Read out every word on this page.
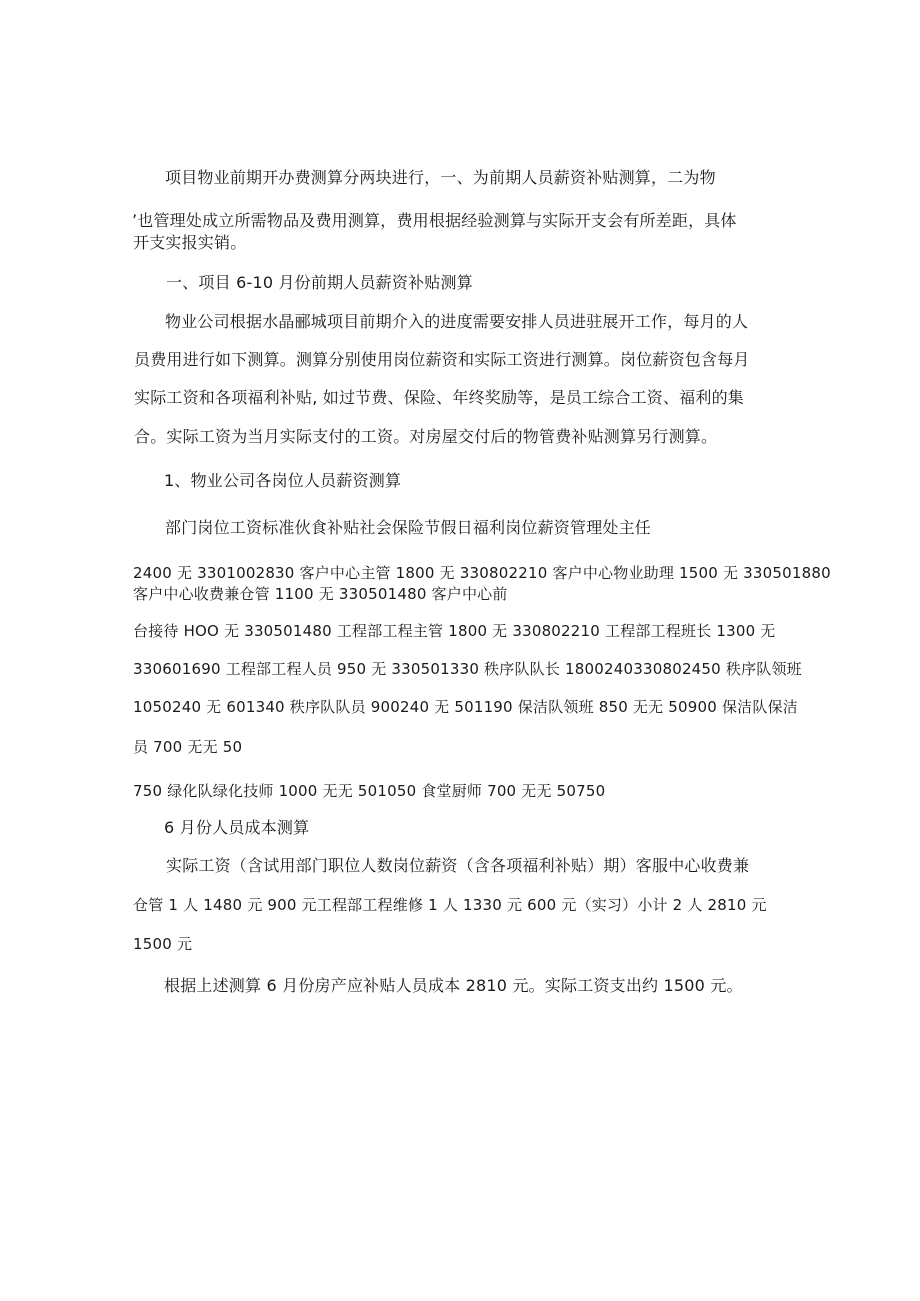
项目物业前期开办费测算分两块进行，一、为前期人员薪资补贴测算，二为物
’也管理处成立所需物品及费用测算，费用根据经验测算与实际开支会有所差距，具体
开支实报实销。
一、项目 6-10 月份前期人员薪资补贴测算
物业公司根据水晶郦城项目前期介入的进度需要安排人员进驻展开工作，每月的人
员费用进行如下测算。测算分别使用岗位薪资和实际工资进行测算。岗位薪资包含每月
实际工资和各项福利补贴, 如过节费、保险、年终奖励等，是员工综合工资、福利的集
合。实际工资为当月实际支付的工资。对房屋交付后的物管费补贴测算另行测算。
1、物业公司各岗位人员薪资测算
部门岗位工资标准伙食补贴社会保险节假日福利岗位薪资管理处主任
2400 无 3301002830 客户中心主管 1800 无 330802210 客户中心物业助理 1500 无 330501880
客户中心收费兼仓管 1100 无 330501480 客户中心前
台接待 HOO 无 330501480 工程部工程主管 1800 无 330802210 工程部工程班长 1300 无
330601690 工程部工程人员 950 无 330501330 秩序队队长 1800240330802450 秩序队领班
1050240 无 601340 秩序队队员 900240 无 501190 保洁队领班 850 无无 50900 保洁队保洁
员 700 无无 50
750 绿化队绿化技师 1000 无无 501050 食堂厨师 700 无无 50750
6 月份人员成本测算
实际工资（含试用部门职位人数岗位薪资（含各项福利补贴）期）客服中心收费兼
仓管 1 人 1480 元 900 元工程部工程维修 1 人 1330 元 600 元（实习）小计 2 人 2810 元
1500 元
根据上述测算 6 月份房产应补贴人员成本 2810 元。实际工资支出约 1500 元。
